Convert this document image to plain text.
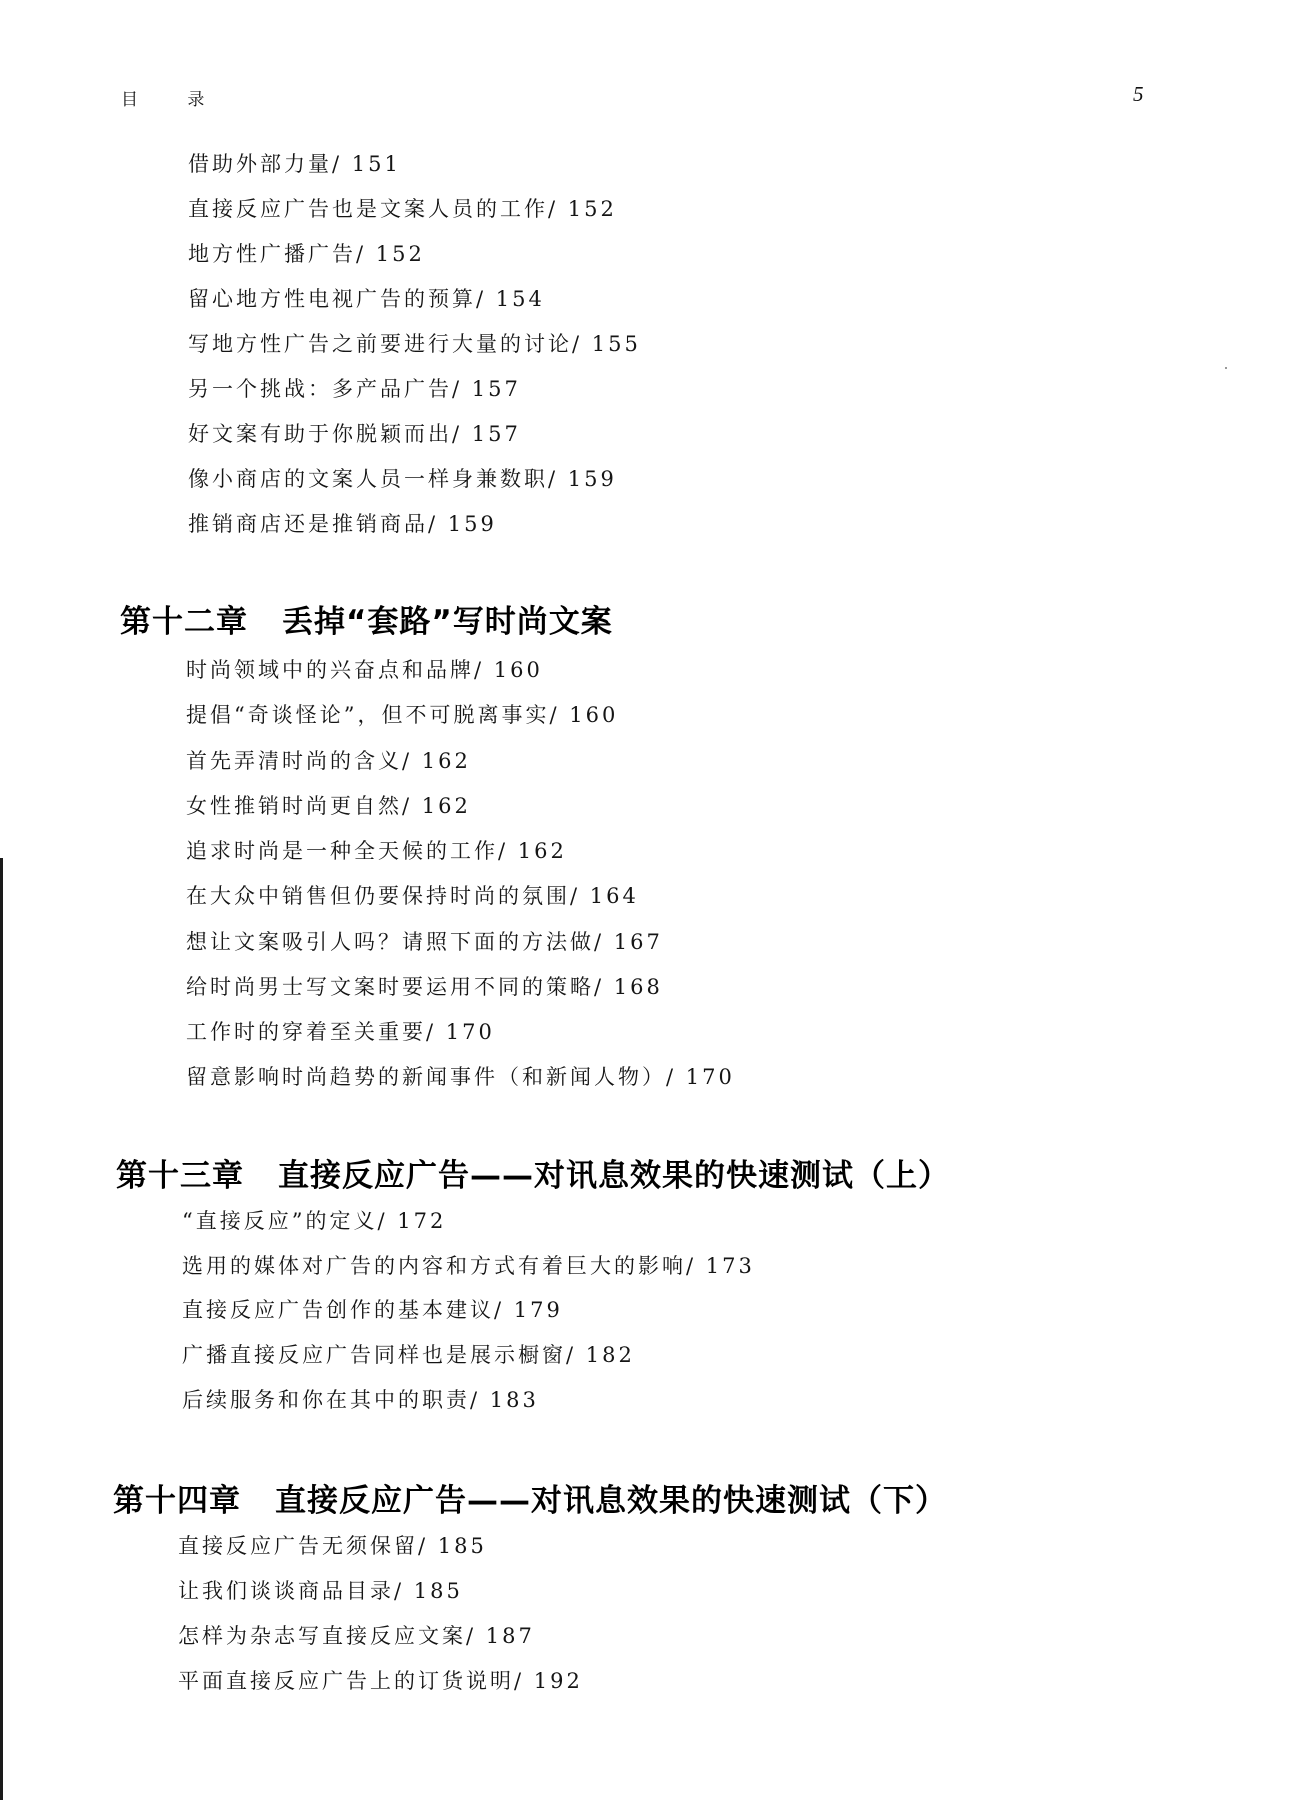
目 录	5
借助外部力量/ 151
直接反应广告也是文案人员的工作/ 152
地方性广播广告/ 152
留心地方性电视广告的预算/ 154
写地方性广告之前要进行大量的讨论/ 155
另一个挑战：多产品广告/ 157
好文案有助于你脱颖而出/ 157
像小商店的文案人员一样身兼数职/ 159
推销商店还是推销商品/ 159
第十二章 丢掉“套路”写时尚文案
时尚领域中的兴奋点和品牌/ 160
提倡“奇谈怪论”，但不可脱离事实/ 160
首先弄清时尚的含义/ 162
女性推销时尚更自然/ 162
追求时尚是一种全天候的工作/ 162
在大众中销售但仍要保持时尚的氛围/ 164
想让文案吸引人吗？请照下面的方法做/ 167
给时尚男士写文案时要运用不同的策略/ 168
工作时的穿着至关重要/ 170
留意影响时尚趋势的新闻事件（和新闻人物）/ 170
第十三章 直接反应广告——对讯息效果的快速测试（上）
“直接反应”的定义/ 172
选用的媒体对广告的内容和方式有着巨大的影响/ 173
直接反应广告创作的基本建议/ 179
广播直接反应广告同样也是展示橱窗/ 182
后续服务和你在其中的职责/ 183
第十四章 直接反应广告——对讯息效果的快速测试（下）
直接反应广告无须保留/ 185
让我们谈谈商品目录/ 185
怎样为杂志写直接反应文案/ 187
平面直接反应广告上的订货说明/ 192
